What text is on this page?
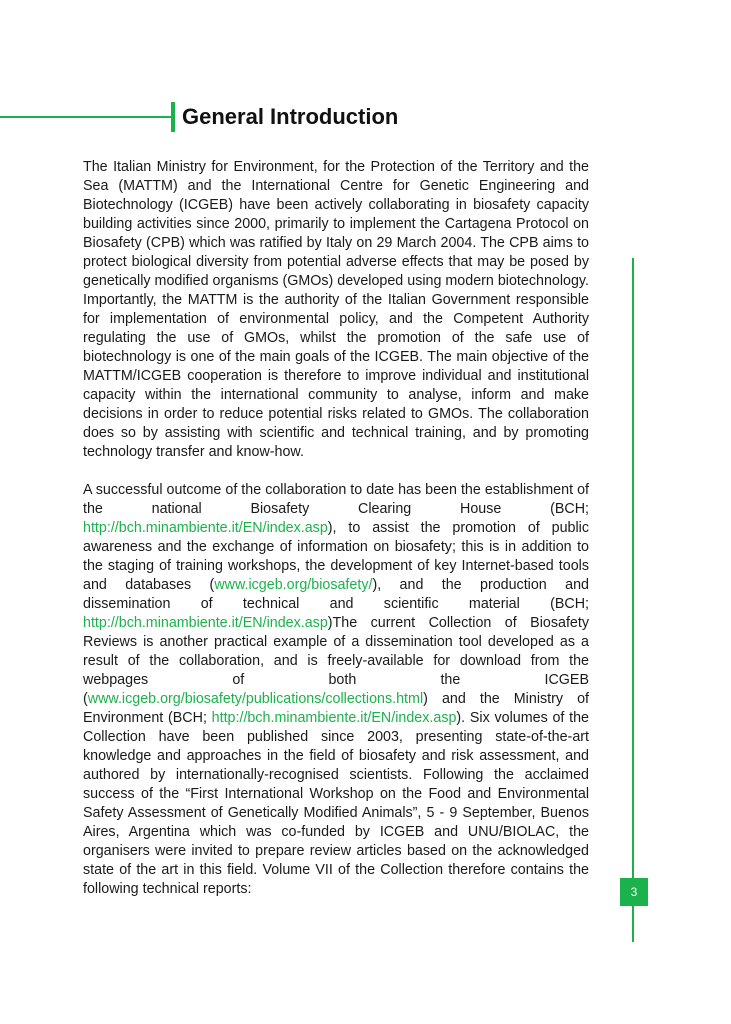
General Introduction

The Italian Ministry for Environment, for the Protection of the Territory and the Sea (MATTM) and the International Centre for Genetic Engineering and Biotechnology (ICGEB) have been actively collaborating in biosafety capacity building activities since 2000, primarily to implement the Cartagena Protocol on Biosafety (CPB) which was ratified by Italy on 29 March 2004. The CPB aims to protect biological diversity from potential adverse effects that may be posed by genetically modified organisms (GMOs) developed using modern biotechnology. Importantly, the MATTM is the authority of the Italian Government responsible for implementation of environmental policy, and the Competent Authority regulating the use of GMOs, whilst the promotion of the safe use of biotechnology is one of the main goals of the ICGEB. The main objective of the MATTM/ICGEB cooperation is therefore to improve individual and institutional capacity within the international community to analyse, inform and make decisions in order to reduce potential risks related to GMOs. The collaboration does so by assisting with scientific and technical training, and by promoting technology transfer and know-how.

A successful outcome of the collaboration to date has been the establishment of the national Biosafety Clearing House (BCH; http://bch.minambiente.it/EN/index.asp), to assist the promotion of public awareness and the exchange of information on biosafety; this is in addition to the staging of training workshops, the development of key Internet-based tools and databases (www.icgeb.org/biosafety/), and the production and dissemination of technical and scientific material (BCH; http://bch.minambiente.it/EN/index.asp)The current Collection of Biosafety Reviews is another practical example of a dissemination tool developed as a result of the collaboration, and is freely-available for download from the webpages of both the ICGEB (www.icgeb.org/biosafety/publications/collections.html) and the Ministry of Environment (BCH; http://bch.minambiente.it/EN/index.asp). Six volumes of the Collection have been published since 2003, presenting state-of-the-art knowledge and approaches in the field of biosafety and risk assessment, and authored by internationally-recognised scientists. Following the acclaimed success of the “First International Workshop on the Food and Environmental Safety Assessment of Genetically Modified Animals”, 5 - 9 September, Buenos Aires, Argentina which was co-funded by ICGEB and UNU/BIOLAC, the organisers were invited to prepare review articles based on the acknowledged state of the art in this field. Volume VII of the Collection therefore contains the following technical reports:	3
